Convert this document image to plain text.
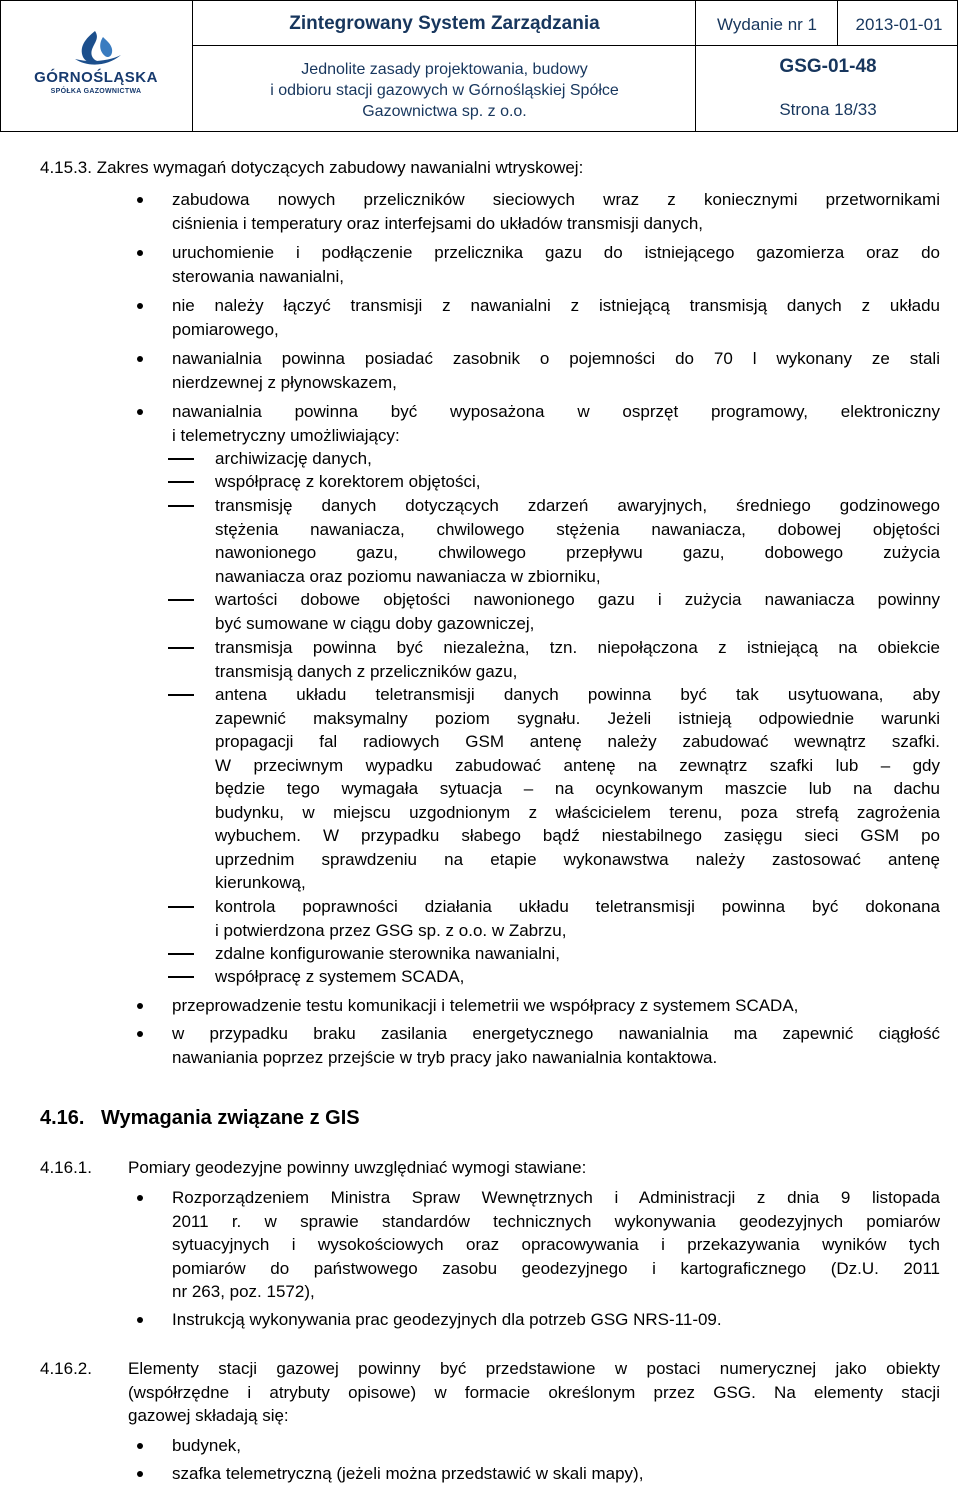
GÓRNOŚLĄSKA
SPÓŁKA GAZOWNICTWA
Zintegrowany System Zarządzania	Wydanie nr 1	2013-01-01
Jednolite zasady projektowania, budowy
i odbioru stacji gazowych w Górnośląskiej Spółce
Gazownictwa sp. z o.o.
GSG-01-48
Strona 18/33
4.15.3. Zakres wymagań dotyczących zabudowy nawanialni wtryskowej:
4.16. Wymagania związane z GIS
4.16.1. Pomiary geodezyjne powinny uwzględniać wymogi stawiane:
4.16.2.
zabudowa nowych przeliczników sieciowych wraz z koniecznymi przetwornikami
ciśnienia i temperatury oraz interfejsami do układów transmisji danych,
uruchomienie i podłączenie przelicznika gazu do istniejącego gazomierza oraz do
sterowania nawanialni,
nie należy łączyć transmisji z nawanialni z istniejącą transmisją danych z układu
pomiarowego,
nawanialnia powinna posiadać zasobnik o pojemności do 70 l wykonany ze stali
nierdzewnej z płynowskazem,
nawanialnia powinna być wyposażona w osprzęt programowy, elektroniczny
i telemetryczny umożliwiający:
archiwizację danych,
współpracę z korektorem objętości,
transmisję danych dotyczących zdarzeń awaryjnych, średniego godzinowego
stężenia nawaniacza, chwilowego stężenia nawaniacza, dobowej objętości
nawonionego gazu, chwilowego przepływu gazu, dobowego zużycia
nawaniacza oraz poziomu nawaniacza w zbiorniku,
wartości dobowe objętości nawonionego gazu i zużycia nawaniacza powinny
być sumowane w ciągu doby gazowniczej,
transmisja powinna być niezależna, tzn. niepołączona z istniejącą na obiekcie
transmisją danych z przeliczników gazu,
antena układu teletransmisji danych powinna być tak usytuowana, aby
zapewnić maksymalny poziom sygnału. Jeżeli istnieją odpowiednie warunki
propagacji fal radiowych GSM antenę należy zabudować wewnątrz szafki.
W przeciwnym wypadku zabudować antenę na zewnątrz szafki lub – gdy
będzie tego wymagała sytuacja – na ocynkowanym maszcie lub na dachu
budynku, w miejscu uzgodnionym z właścicielem terenu, poza strefą zagrożenia
wybuchem. W przypadku słabego bądź niestabilnego zasięgu sieci GSM po
uprzednim sprawdzeniu na etapie wykonawstwa należy zastosować antenę
kierunkową,
kontrola poprawności działania układu teletransmisji powinna być dokonana
i potwierdzona przez GSG sp. z o.o. w Zabrzu,
zdalne konfigurowanie sterownika nawanialni,
współpracę z systemem SCADA,
przeprowadzenie testu komunikacji i telemetrii we współpracy z systemem SCADA,
w przypadku braku zasilania energetycznego nawanialnia ma zapewnić ciągłość
nawaniania poprzez przejście w tryb pracy jako nawanialnia kontaktowa.
Rozporządzeniem Ministra Spraw Wewnętrznych i Administracji z dnia 9 listopada
2011 r. w sprawie standardów technicznych wykonywania geodezyjnych pomiarów
sytuacyjnych i wysokościowych oraz opracowywania i przekazywania wyników tych
pomiarów do państwowego zasobu geodezyjnego i kartograficznego (Dz.U. 2011
nr 263, poz. 1572),
Instrukcją wykonywania prac geodezyjnych dla potrzeb GSG NRS-11-09.
Elementy stacji gazowej powinny być przedstawione w postaci numerycznej jako obiekty
(współrzędne i atrybuty opisowe) w formacie określonym przez GSG. Na elementy stacji
gazowej składają się:
budynek,
szafka telemetryczną (jeżeli można przedstawić w skali mapy),
